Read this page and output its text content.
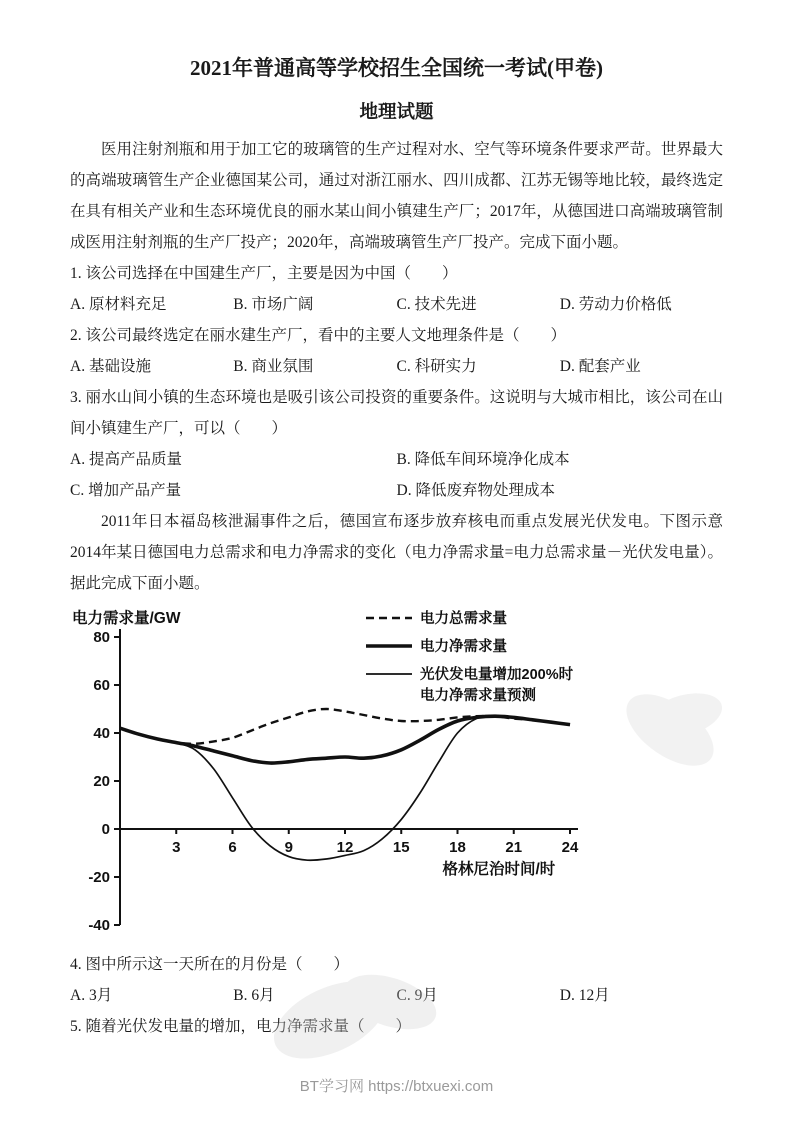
2021年普通高等学校招生全国统一考试(甲卷)
地理试题

医用注射剂瓶和用于加工它的玻璃管的生产过程对水、空气等环境条件要求严苛。世界最大的高端玻璃管生产企业德国某公司，通过对浙江丽水、四川成都、江苏无锡等地比较，最终选定在具有相关产业和生态环境优良的丽水某山间小镇建生产厂；2017年，从德国进口高端玻璃管制成医用注射剂瓶的生产厂投产；2020年，高端玻璃管生产厂投产。完成下面小题。

1. 该公司选择在中国建生产厂，主要是因为中国（　　）

A. 原材料充足	B. 市场广阔	C. 技术先进	D. 劳动力价格低

2. 该公司最终选定在丽水建生产厂，看中的主要人文地理条件是（　　）

A. 基础设施	B. 商业氛围	C. 科研实力	D. 配套产业

3. 丽水山间小镇的生态环境也是吸引该公司投资的重要条件。这说明与大城市相比，该公司在山间小镇建生产厂，可以（　　）

A. 提高产品质量	B. 降低车间环境净化成本
C. 增加产品产量	D. 降低废弃物处理成本

2011年日本福岛核泄漏事件之后，德国宣布逐步放弃核电而重点发展光伏发电。下图示意2014年某日德国电力总需求和电力净需求的变化（电力净需求量=电力总需求量－光伏发电量）。据此完成下面小题。

-40
-20
0
20
40
60
80
3	6	9	12	15	18	21	24
电力需求量/GW
格林尼治时间/时
电力总需求量
电力净需求量
光伏发电量增加200%时
电力净需求量预测

4. 图中所示这一天所在的月份是（　　）

A. 3月	B. 6月	C. 9月	D. 12月

5. 随着光伏发电量的增加，电力净需求量（　　）

BT学习网 https://btxuexi.com
